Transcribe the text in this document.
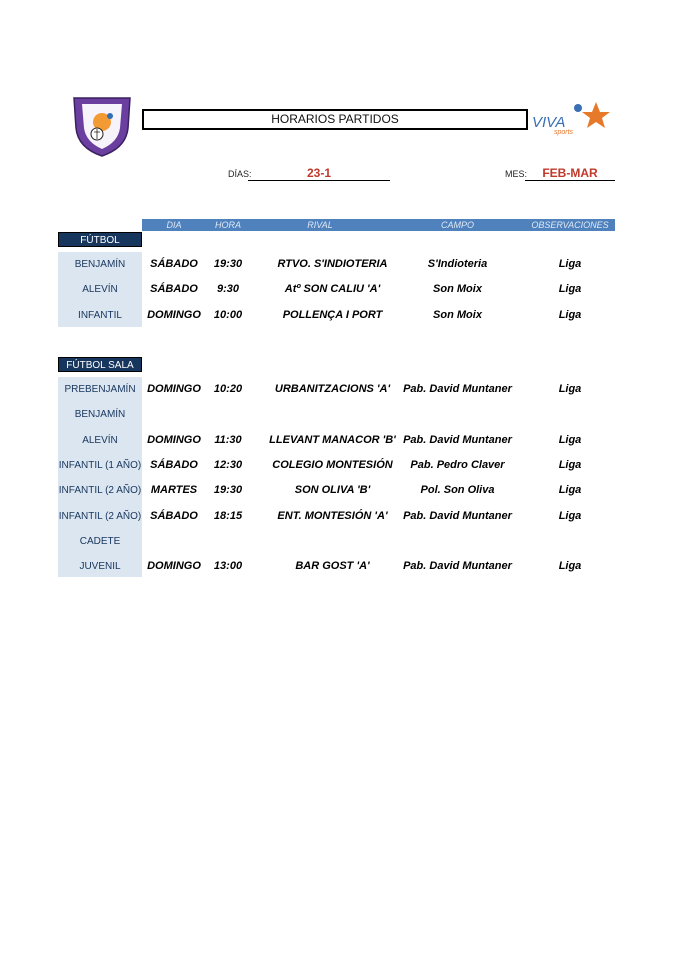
HORARIOS PARTIDOS	VIVA
sports
DÍAS:	23-1	MES:	FEB-MAR
DIA	HORA	RIVAL	CAMPO	OBSERVACIONES
FÚTBOL
BENJAMÍN	SÁBADO	19:30	RTVO. S'INDIOTERIA	S'Indioteria	Liga
ALEVÍN	SÁBADO	9:30	Atº SON CALIU 'A'	Son Moix	Liga
INFANTIL	DOMINGO	10:00	POLLENÇA I PORT	Son Moix	Liga
FÚTBOL SALA
PREBENJAMÍN	DOMINGO	10:20	URBANITZACIONS 'A'	Pab. David Muntaner	Liga
BENJAMÍN
ALEVÍN	DOMINGO	11:30	LLEVANT MANACOR 'B' Pab. David Muntaner	Liga
INFANTIL (1 AÑO) SÁBADO	12:30	COLEGIO MONTESIÓN	Pab. Pedro Claver	Liga
INFANTIL (2 AÑO) MARTES	19:30	SON OLIVA 'B'	Pol. Son Oliva	Liga
INFANTIL (2 AÑO) SÁBADO	18:15	ENT. MONTESIÓN 'A'	Pab. David Muntaner	Liga
CADETE
JUVENIL	DOMINGO	13:00	BAR GOST 'A'	Pab. David Muntaner	Liga
